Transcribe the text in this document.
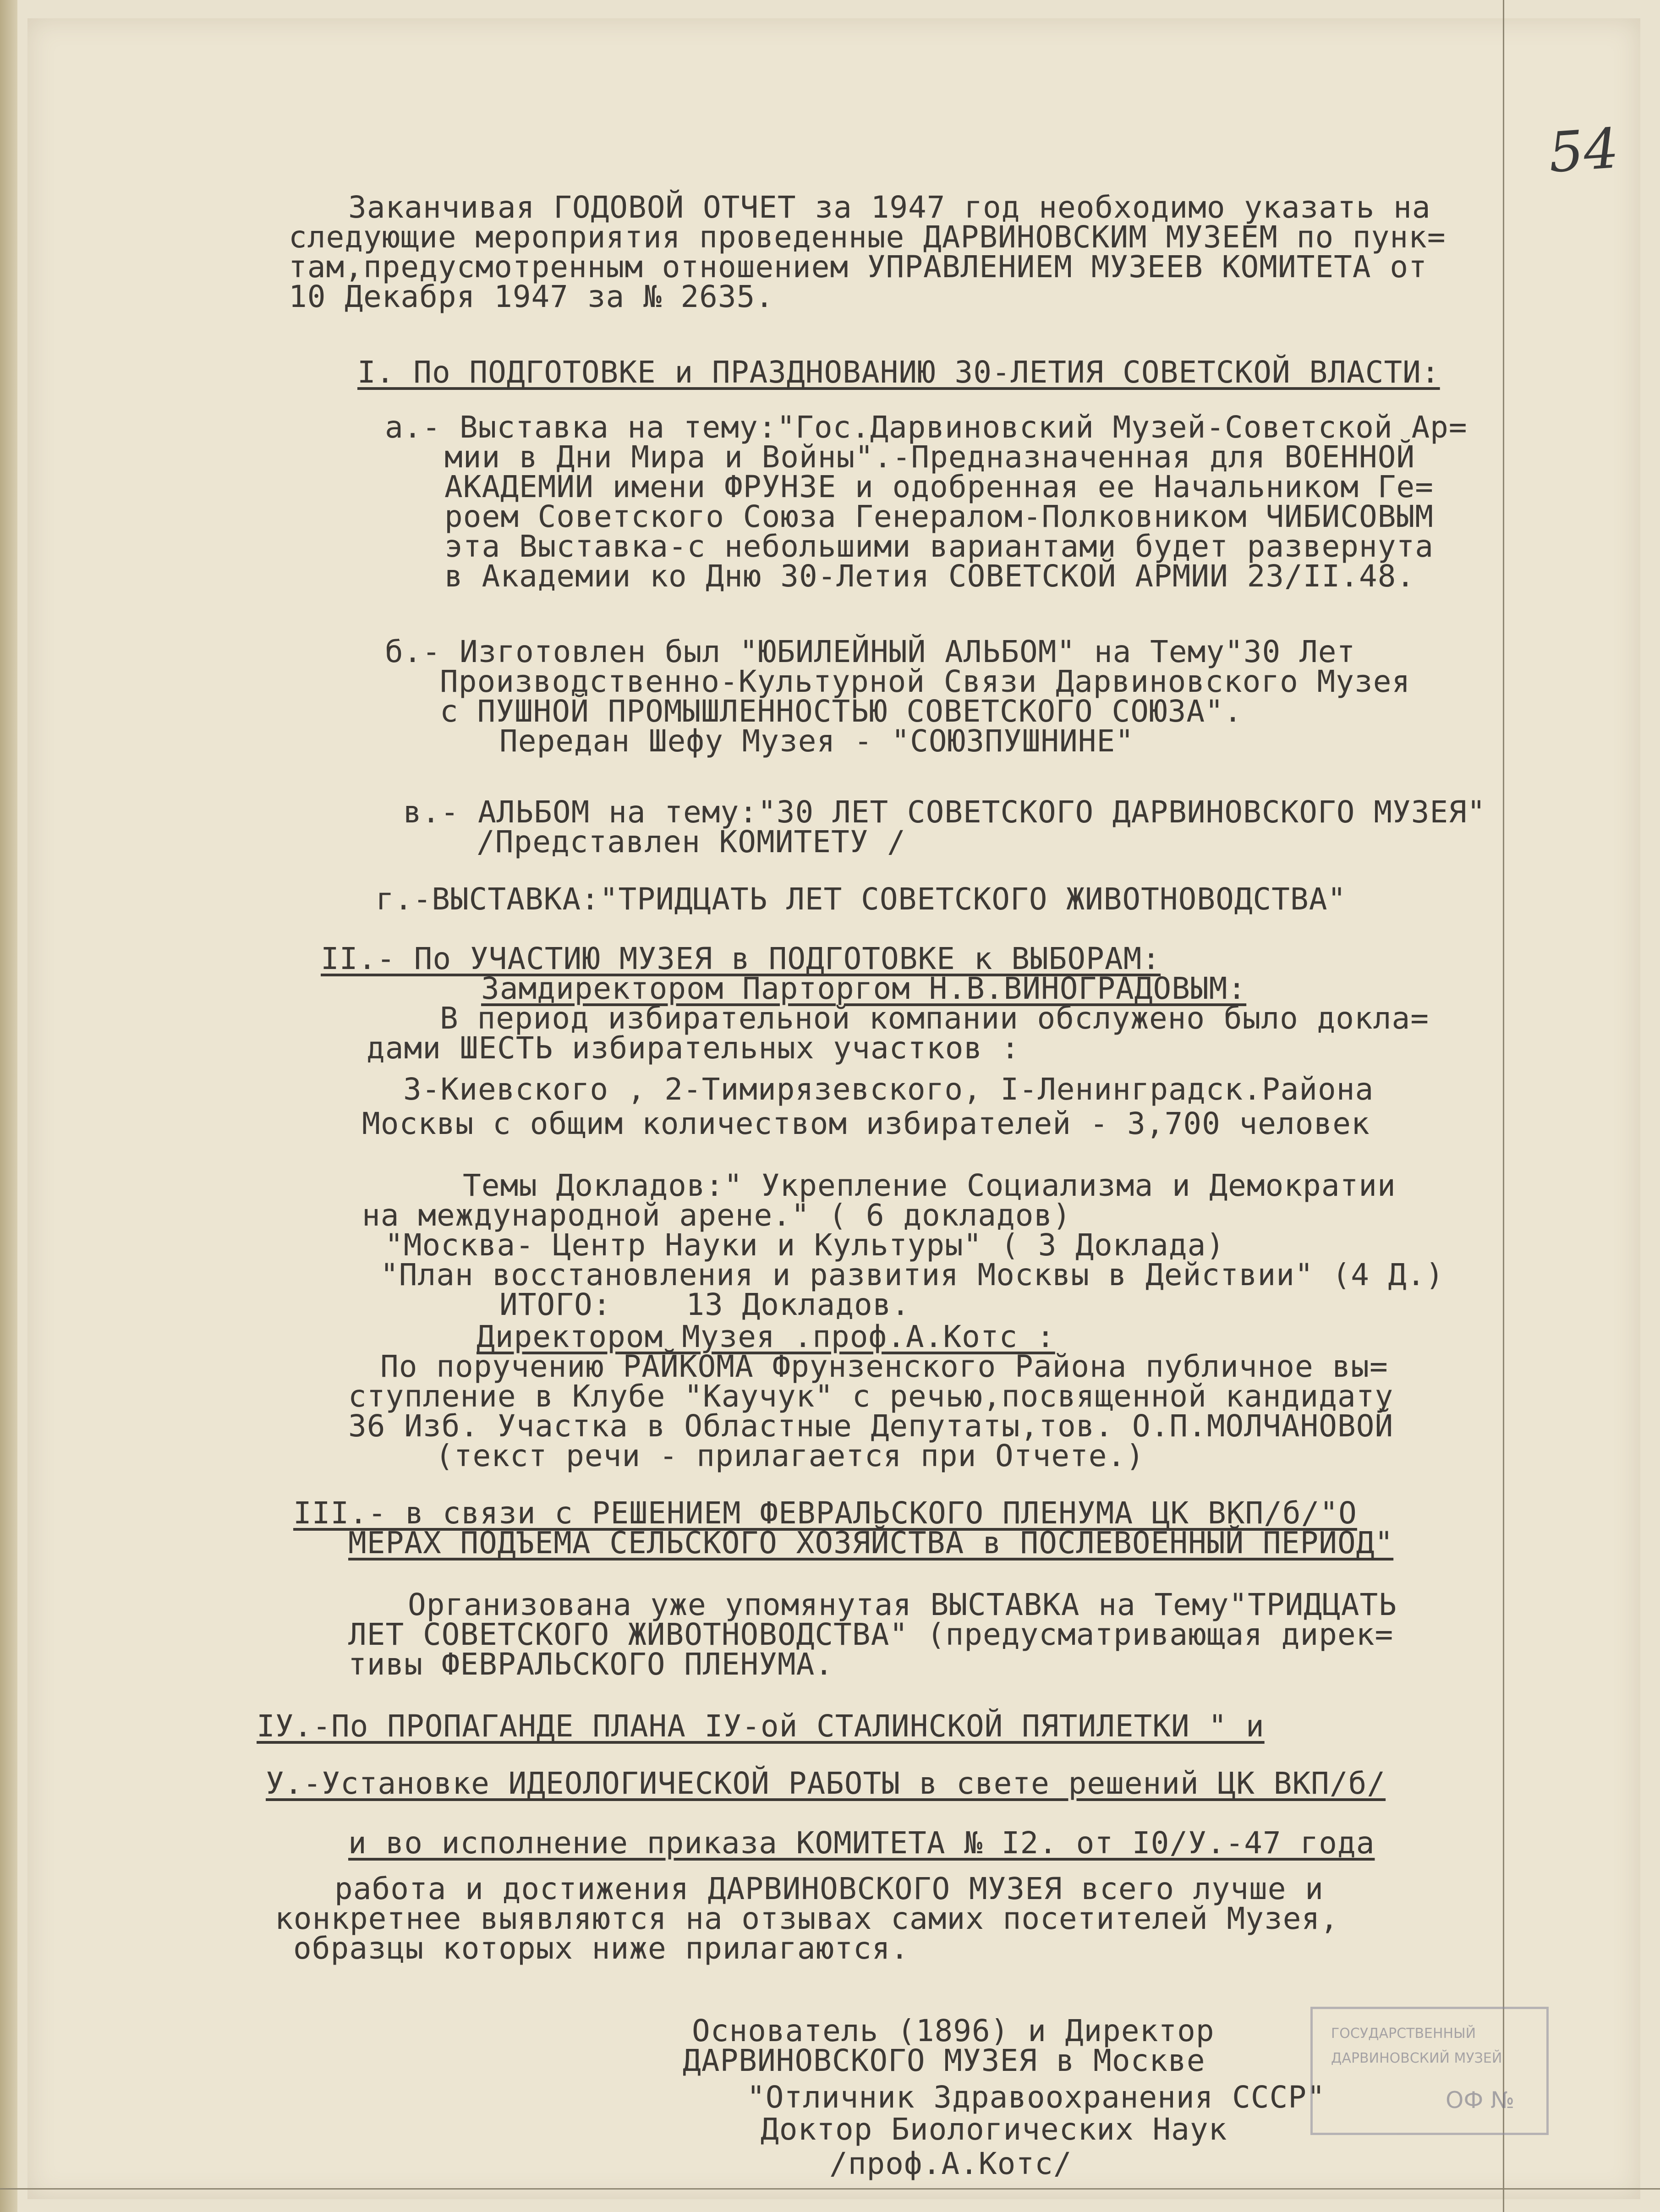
54
Заканчивая ГОДОВОЙ ОТЧЕТ за 1947 год необходимо указать на
следующие мероприятия проведенные ДАРВИНОВСКИМ МУЗЕЕМ по пунк=
там,предусмотренным отношением УПРАВЛЕНИЕМ МУЗЕЕВ КОМИТЕТА от
10 Декабря 1947 за № 2635.
I. По ПОДГОТОВКЕ и ПРАЗДНОВАНИЮ 30-ЛЕТИЯ СОВЕТСКОЙ ВЛАСТИ:
а.- Выставка на тему:"Гос.Дарвиновский Музей-Советской Ар=
мии в Дни Мира и Войны".-Предназначенная для ВОЕННОЙ
АКАДЕМИИ имени ФРУНЗЕ и одобренная ее Начальником Ге=
роем Советского Союза Генералом-Полковником ЧИБИСОВЫМ
эта Выставка-с небольшими вариантами будет развернута
в Академии ко Дню 30-Летия СОВЕТСКОЙ АРМИИ 23/II.48.
б.- Изготовлен был "ЮБИЛЕЙНЫЙ АЛЬБОМ" на Тему"30 Лет
Производственно-Культурной Связи Дарвиновского Музея
с ПУШНОЙ ПРОМЫШЛЕННОСТЬЮ СОВЕТСКОГО СОЮЗА".
Передан Шефу Музея - "СОЮЗПУШНИНЕ"
в.- АЛЬБОМ на тему:"30 ЛЕТ СОВЕТСКОГО ДАРВИНОВСКОГО МУЗЕЯ"
/Представлен КОМИТЕТУ /
г.-ВЫСТАВКА:"ТРИДЦАТЬ ЛЕТ СОВЕТСКОГО ЖИВОТНОВОДСТВА"
II.- По УЧАСТИЮ МУЗЕЯ в ПОДГОТОВКЕ к ВЫБОРАМ:
Замдиректором Парторгом Н.В.ВИНОГРАДОВЫМ:
В период избирательной компании обслужено было докла=
дами ШЕСТЬ избирательных участков :
3-Киевского , 2-Тимирязевского, I-Ленинградск.Района
Москвы с общим количеством избирателей - 3,700 человек
Темы Докладов:" Укрепление Социализма и Демократии
на международной арене." ( 6 докладов)
"Москва- Центр Науки и Культуры" ( 3 Доклада)
"План восстановления и развития Москвы в Действии" (4 Д.)
ИТОГО:    13 Докладов.
Директором Музея .проф.А.Котс :
По поручению РАЙКОМА Фрунзенского Района публичное вы=
ступление в Клубе "Каучук" с речью,посвященной кандидату
36 Изб. Участка в Областные Депутаты,тов. О.П.МОЛЧАНОВОЙ
(текст речи - прилагается при Отчете.)
III.- в связи с РЕШЕНИЕМ ФЕВРАЛЬСКОГО ПЛЕНУМА ЦК ВКП/б/"О
МЕРАХ ПОДЪЕМА СЕЛЬСКОГО ХОЗЯЙСТВА в ПОСЛЕВОЕННЫЙ ПЕРИОД"
Организована уже упомянутая ВЫСТАВКА на Тему"ТРИДЦАТЬ
ЛЕТ СОВЕТСКОГО ЖИВОТНОВОДСТВА" (предусматривающая дирек=
тивы ФЕВРАЛЬСКОГО ПЛЕНУМА.
IУ.-По ПРОПАГАНДЕ ПЛАНА IУ-ой СТАЛИНСКОЙ ПЯТИЛЕТКИ " и
У.-Установке ИДЕОЛОГИЧЕСКОЙ РАБОТЫ в свете решений ЦК ВКП/б/
и во исполнение приказа КОМИТЕТА № I2. от I0/У.-47 года
работа и достижения ДАРВИНОВСКОГО МУЗЕЯ всего лучше и
конкретнее выявляются на отзывах самих посетителей Музея,
образцы которых ниже прилагаются.
Основатель (1896) и Директор
ДАРВИНОВСКОГО МУЗЕЯ в Москве
"Отличник Здравоохранения СССР"
Доктор Биологических Наук
/проф.А.Котс/
ГОСУДАРСТВЕННЫЙ
ДАРВИНОВСКИЙ МУЗЕЙ
ОФ №
